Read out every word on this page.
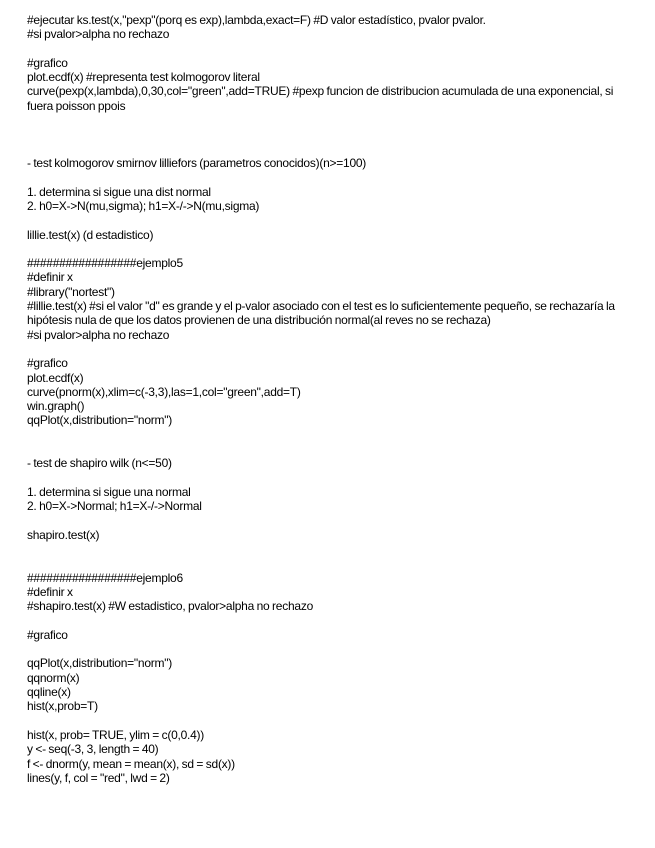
#ejecutar ks.test(x,"pexp"(porq es exp),lambda,exact=F) #D valor estadístico, pvalor pvalor.
#si pvalor>alpha no rechazo
#grafico
plot.ecdf(x) #representa test kolmogorov literal
curve(pexp(x,lambda),0,30,col="green",add=TRUE) #pexp funcion de distribucion acumulada de una exponencial, si fuera poisson ppois
- test kolmogorov smirnov lilliefors (parametros conocidos)(n>=100)
1. determina si sigue una dist normal
2. h0=X->N(mu,sigma); h1=X-/->N(mu,sigma)
lillie.test(x) (d estadistico)
#################ejemplo5
#definir x
#library("nortest")
#lillie.test(x) #si el valor "d" es grande y el p-valor asociado con el test es lo suficientemente pequeño, se rechazaría la hipótesis nula de que los datos provienen de una distribución normal(al reves no se rechaza)
#si pvalor>alpha no rechazo
#grafico
plot.ecdf(x)
curve(pnorm(x),xlim=c(-3,3),las=1,col="green",add=T)
win.graph()
qqPlot(x,distribution="norm")
- test de shapiro wilk (n<=50)
1. determina si sigue una normal
2. h0=X->Normal; h1=X-/->Normal
shapiro.test(x)
#################ejemplo6
#definir x
#shapiro.test(x) #W estadistico, pvalor>alpha no rechazo
#grafico
qqPlot(x,distribution="norm")
qqnorm(x)
qqline(x)
hist(x,prob=T)
hist(x, prob= TRUE, ylim = c(0,0.4))
y <- seq(-3, 3, length = 40)
f <- dnorm(y, mean = mean(x), sd = sd(x))
lines(y, f, col = "red", lwd = 2)
